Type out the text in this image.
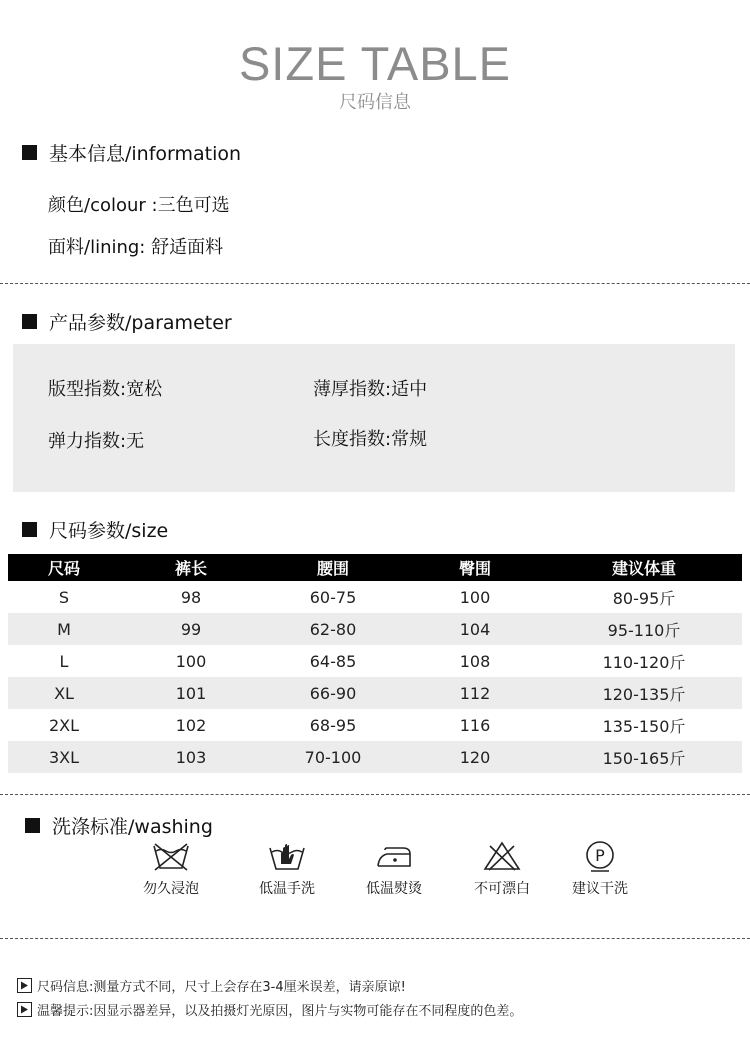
SIZE TABLE
尺码信息
基本信息/information
颜色/colour :三色可选
面料/lining: 舒适面料
产品参数/parameter
版型指数:宽松	薄厚指数:适中
弹力指数:无	长度指数:常规
尺码参数/size
尺码	裤长	腰围	臀围	建议体重
S	98	60-75	100	80-95斤
M	99	62-80	104	95-110斤
L	100	64-85	108	110-120斤
XL	101	66-90	112	120-135斤
2XL	102	68-95	116	135-150斤
3XL	103	70-100	120	150-165斤
洗涤标准/washing
勿久浸泡	低温手洗	低温熨烫	不可漂白
P
建议干洗
尺码信息:测量方式不同，尺寸上会存在3-4厘米误差，请亲原谅!
温馨提示:因显示器差异，以及拍摄灯光原因，图片与实物可能存在不同程度的色差。
